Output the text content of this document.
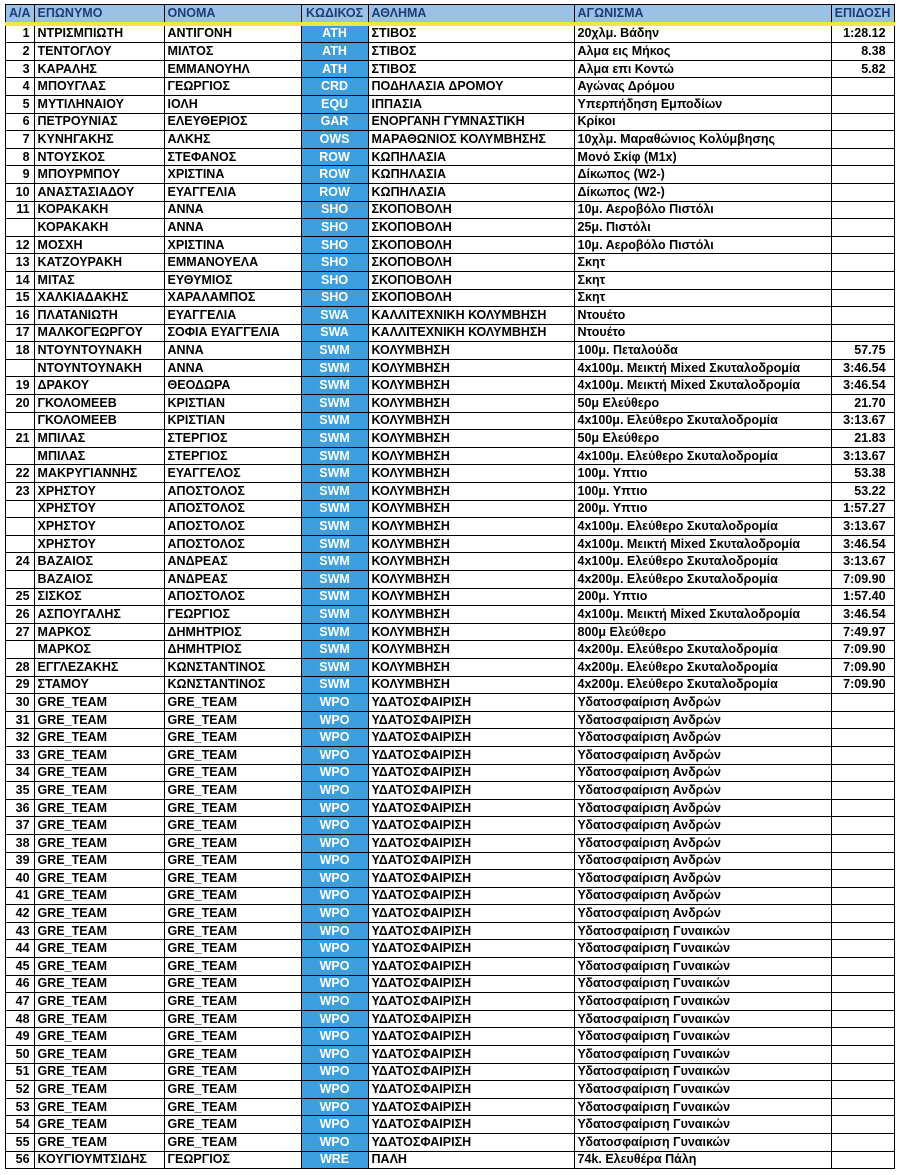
Α/Α	ΕΠΩΝΥΜΟ	ΟΝΟΜΑ	ΚΩΔΙΚΟΣ	ΑΘΛΗΜΑ	ΑΓΩΝΙΣΜΑ	ΕΠΙΔΟΣΗ
1	ΝΤΡΙΣΜΠΙΩΤΗ	ΑΝΤΙΓΟΝΗ	ATH	ΣΤΙΒΟΣ	20χλμ. Βάδην	1:28.12
2	ΤΕΝΤΟΓΛΟΥ	ΜΙΛΤΟΣ	ATH	ΣΤΙΒΟΣ	Αλμα εις Μήκος	8.38
3	ΚΑΡΑΛΗΣ	ΕΜΜΑΝΟΥΗΛ	ATH	ΣΤΙΒΟΣ	Αλμα επι Κοντώ	5.82
4	ΜΠΟΥΓΛΑΣ	ΓΕΩΡΓΙΟΣ	CRD	ΠΟΔΗΛΑΣΙΑ ΔΡΟΜΟΥ	Αγώνας Δρόμου	
5	ΜΥΤΙΛΗΝΑΙΟΥ	ΙΟΛΗ	EQU	ΙΠΠΑΣΙΑ	Υπερπήδηση Εμποδίων	
6	ΠΕΤΡΟΥΝΙΑΣ	ΕΛΕΥΘΕΡΙΟΣ	GAR	ΕΝΟΡΓΑΝΗ ΓΥΜΝΑΣΤΙΚΗ	Κρίκοι	
7	ΚΥΝΗΓΑΚΗΣ	ΑΛΚΗΣ	OWS	ΜΑΡΑΘΩΝΙΟΣ ΚΟΛΥΜΒΗΣΗΣ	10χλμ. Μαραθώνιος Κολύμβησης	
8	ΝΤΟΥΣΚΟΣ	ΣΤΕΦΑΝΟΣ	ROW	ΚΩΠΗΛΑΣΙΑ	Μονό Σκίφ (M1x)	
9	ΜΠΟΥΡΜΠΟΥ	ΧΡΙΣΤΙΝΑ	ROW	ΚΩΠΗΛΑΣΙΑ	Δίκωπος (W2-)	
10	ΑΝΑΣΤΑΣΙΑΔΟΥ	ΕΥΑΓΓΕΛΙΑ	ROW	ΚΩΠΗΛΑΣΙΑ	Δίκωπος (W2-)	
11	ΚΟΡΑΚΑΚΗ	ΑΝΝΑ	SHO	ΣΚΟΠΟΒΟΛΗ	10μ. Αεροβόλο Πιστόλι	
	ΚΟΡΑΚΑΚΗ	ΑΝΝΑ	SHO	ΣΚΟΠΟΒΟΛΗ	25μ. Πιστόλι	
12	ΜΟΣΧΗ	ΧΡΙΣΤΙΝΑ	SHO	ΣΚΟΠΟΒΟΛΗ	10μ. Αεροβόλο Πιστόλι	
13	ΚΑΤΖΟΥΡΑΚΗ	ΕΜΜΑΝΟΥΕΛΑ	SHO	ΣΚΟΠΟΒΟΛΗ	Σκητ	
14	ΜΙΤΑΣ	ΕΥΘΥΜΙΟΣ	SHO	ΣΚΟΠΟΒΟΛΗ	Σκητ	
15	ΧΑΛΚΙΑΔΑΚΗΣ	ΧΑΡΑΛΑΜΠΟΣ	SHO	ΣΚΟΠΟΒΟΛΗ	Σκητ	
16	ΠΛΑΤΑΝΙΩΤΗ	ΕΥΑΓΓΕΛΙΑ	SWA	ΚΑΛΛΙΤΕΧΝΙΚΗ ΚΟΛΥΜΒΗΣΗ	Ντουέτο	
17	ΜΑΛΚΟΓΕΩΡΓΟΥ	ΣΟΦΙΑ ΕΥΑΓΓΕΛΙΑ	SWA	ΚΑΛΛΙΤΕΧΝΙΚΗ ΚΟΛΥΜΒΗΣΗ	Ντουέτο	
18	ΝΤΟΥΝΤΟΥΝΑΚΗ	ΑΝΝΑ	SWM	ΚΟΛΥΜΒΗΣΗ	100μ. Πεταλούδα	57.75
	ΝΤΟΥΝΤΟΥΝΑΚΗ	ΑΝΝΑ	SWM	ΚΟΛΥΜΒΗΣΗ	4x100μ. Μεικτή Mixed Σκυταλοδρομία	3:46.54
19	ΔΡΑΚΟΥ	ΘΕΟΔΩΡΑ	SWM	ΚΟΛΥΜΒΗΣΗ	4x100μ. Μεικτή Mixed Σκυταλοδρομία	3:46.54
20	ΓΚΟΛΟΜΕΕΒ	ΚΡΙΣΤΙΑΝ	SWM	ΚΟΛΥΜΒΗΣΗ	50μ Ελεύθερο	21.70
	ΓΚΟΛΟΜΕΕΒ	ΚΡΙΣΤΙΑΝ	SWM	ΚΟΛΥΜΒΗΣΗ	4x100μ. Ελεύθερο Σκυταλοδρομία	3:13.67
21	ΜΠΙΛΑΣ	ΣΤΕΡΓΙΟΣ	SWM	ΚΟΛΥΜΒΗΣΗ	50μ Ελεύθερο	21.83
	ΜΠΙΛΑΣ	ΣΤΕΡΓΙΟΣ	SWM	ΚΟΛΥΜΒΗΣΗ	4x100μ. Ελεύθερο Σκυταλοδρομία	3:13.67
22	ΜΑΚΡΥΓΙΑΝΝΗΣ	ΕΥΑΓΓΕΛΟΣ	SWM	ΚΟΛΥΜΒΗΣΗ	100μ. Υπτιο	53.38
23	ΧΡΗΣΤΟΥ	ΑΠΟΣΤΟΛΟΣ	SWM	ΚΟΛΥΜΒΗΣΗ	100μ. Υπτιο	53.22
	ΧΡΗΣΤΟΥ	ΑΠΟΣΤΟΛΟΣ	SWM	ΚΟΛΥΜΒΗΣΗ	200μ. Υπτιο	1:57.27
	ΧΡΗΣΤΟΥ	ΑΠΟΣΤΟΛΟΣ	SWM	ΚΟΛΥΜΒΗΣΗ	4x100μ. Ελεύθερο Σκυταλοδρομία	3:13.67
	ΧΡΗΣΤΟΥ	ΑΠΟΣΤΟΛΟΣ	SWM	ΚΟΛΥΜΒΗΣΗ	4x100μ. Μεικτή Mixed Σκυταλοδρομία	3:46.54
24	ΒΑΖΑΙΟΣ	ΑΝΔΡΕΑΣ	SWM	ΚΟΛΥΜΒΗΣΗ	4x100μ. Ελεύθερο Σκυταλοδρομία	3:13.67
	ΒΑΖΑΙΟΣ	ΑΝΔΡΕΑΣ	SWM	ΚΟΛΥΜΒΗΣΗ	4x200μ. Ελεύθερο Σκυταλοδρομία	7:09.90
25	ΣΙΣΚΟΣ	ΑΠΟΣΤΟΛΟΣ	SWM	ΚΟΛΥΜΒΗΣΗ	200μ. Υπτιο	1:57.40
26	ΑΣΠΟΥΓΑΛΗΣ	ΓΕΩΡΓΙΟΣ	SWM	ΚΟΛΥΜΒΗΣΗ	4x100μ. Μεικτή Mixed Σκυταλοδρομία	3:46.54
27	ΜΑΡΚΟΣ	ΔΗΜΗΤΡΙΟΣ	SWM	ΚΟΛΥΜΒΗΣΗ	800μ Ελεύθερο	7:49.97
	ΜΑΡΚΟΣ	ΔΗΜΗΤΡΙΟΣ	SWM	ΚΟΛΥΜΒΗΣΗ	4x200μ. Ελεύθερο Σκυταλοδρομία	7:09.90
28	ΕΓΓΛΕΖΑΚΗΣ	ΚΩΝΣΤΑΝΤΙΝΟΣ	SWM	ΚΟΛΥΜΒΗΣΗ	4x200μ. Ελεύθερο Σκυταλοδρομία	7:09.90
29	ΣΤΑΜΟΥ	ΚΩΝΣΤΑΝΤΙΝΟΣ	SWM	ΚΟΛΥΜΒΗΣΗ	4x200μ. Ελεύθερο Σκυταλοδρομία	7:09.90
30	GRE_TEAM	GRE_TEAM	WPO	ΥΔΑΤΟΣΦΑΙΡΙΣΗ	Υδατοσφαίριση Ανδρών	
31	GRE_TEAM	GRE_TEAM	WPO	ΥΔΑΤΟΣΦΑΙΡΙΣΗ	Υδατοσφαίριση Ανδρών	
32	GRE_TEAM	GRE_TEAM	WPO	ΥΔΑΤΟΣΦΑΙΡΙΣΗ	Υδατοσφαίριση Ανδρών	
33	GRE_TEAM	GRE_TEAM	WPO	ΥΔΑΤΟΣΦΑΙΡΙΣΗ	Υδατοσφαίριση Ανδρών	
34	GRE_TEAM	GRE_TEAM	WPO	ΥΔΑΤΟΣΦΑΙΡΙΣΗ	Υδατοσφαίριση Ανδρών	
35	GRE_TEAM	GRE_TEAM	WPO	ΥΔΑΤΟΣΦΑΙΡΙΣΗ	Υδατοσφαίριση Ανδρών	
36	GRE_TEAM	GRE_TEAM	WPO	ΥΔΑΤΟΣΦΑΙΡΙΣΗ	Υδατοσφαίριση Ανδρών	
37	GRE_TEAM	GRE_TEAM	WPO	ΥΔΑΤΟΣΦΑΙΡΙΣΗ	Υδατοσφαίριση Ανδρών	
38	GRE_TEAM	GRE_TEAM	WPO	ΥΔΑΤΟΣΦΑΙΡΙΣΗ	Υδατοσφαίριση Ανδρών	
39	GRE_TEAM	GRE_TEAM	WPO	ΥΔΑΤΟΣΦΑΙΡΙΣΗ	Υδατοσφαίριση Ανδρών	
40	GRE_TEAM	GRE_TEAM	WPO	ΥΔΑΤΟΣΦΑΙΡΙΣΗ	Υδατοσφαίριση Ανδρών	
41	GRE_TEAM	GRE_TEAM	WPO	ΥΔΑΤΟΣΦΑΙΡΙΣΗ	Υδατοσφαίριση Ανδρών	
42	GRE_TEAM	GRE_TEAM	WPO	ΥΔΑΤΟΣΦΑΙΡΙΣΗ	Υδατοσφαίριση Ανδρών	
43	GRE_TEAM	GRE_TEAM	WPO	ΥΔΑΤΟΣΦΑΙΡΙΣΗ	Υδατοσφαίριση Γυναικών	
44	GRE_TEAM	GRE_TEAM	WPO	ΥΔΑΤΟΣΦΑΙΡΙΣΗ	Υδατοσφαίριση Γυναικών	
45	GRE_TEAM	GRE_TEAM	WPO	ΥΔΑΤΟΣΦΑΙΡΙΣΗ	Υδατοσφαίριση Γυναικών	
46	GRE_TEAM	GRE_TEAM	WPO	ΥΔΑΤΟΣΦΑΙΡΙΣΗ	Υδατοσφαίριση Γυναικών	
47	GRE_TEAM	GRE_TEAM	WPO	ΥΔΑΤΟΣΦΑΙΡΙΣΗ	Υδατοσφαίριση Γυναικών	
48	GRE_TEAM	GRE_TEAM	WPO	ΥΔΑΤΟΣΦΑΙΡΙΣΗ	Υδατοσφαίριση Γυναικών	
49	GRE_TEAM	GRE_TEAM	WPO	ΥΔΑΤΟΣΦΑΙΡΙΣΗ	Υδατοσφαίριση Γυναικών	
50	GRE_TEAM	GRE_TEAM	WPO	ΥΔΑΤΟΣΦΑΙΡΙΣΗ	Υδατοσφαίριση Γυναικών	
51	GRE_TEAM	GRE_TEAM	WPO	ΥΔΑΤΟΣΦΑΙΡΙΣΗ	Υδατοσφαίριση Γυναικών	
52	GRE_TEAM	GRE_TEAM	WPO	ΥΔΑΤΟΣΦΑΙΡΙΣΗ	Υδατοσφαίριση Γυναικών	
53	GRE_TEAM	GRE_TEAM	WPO	ΥΔΑΤΟΣΦΑΙΡΙΣΗ	Υδατοσφαίριση Γυναικών	
54	GRE_TEAM	GRE_TEAM	WPO	ΥΔΑΤΟΣΦΑΙΡΙΣΗ	Υδατοσφαίριση Γυναικών	
55	GRE_TEAM	GRE_TEAM	WPO	ΥΔΑΤΟΣΦΑΙΡΙΣΗ	Υδατοσφαίριση Γυναικών	
56	ΚΟΥΓΙΟΥΜΤΣΙΔΗΣ	ΓΕΩΡΓΙΟΣ	WRE	ΠΑΛΗ	74k. Ελευθέρα Πάλη	
